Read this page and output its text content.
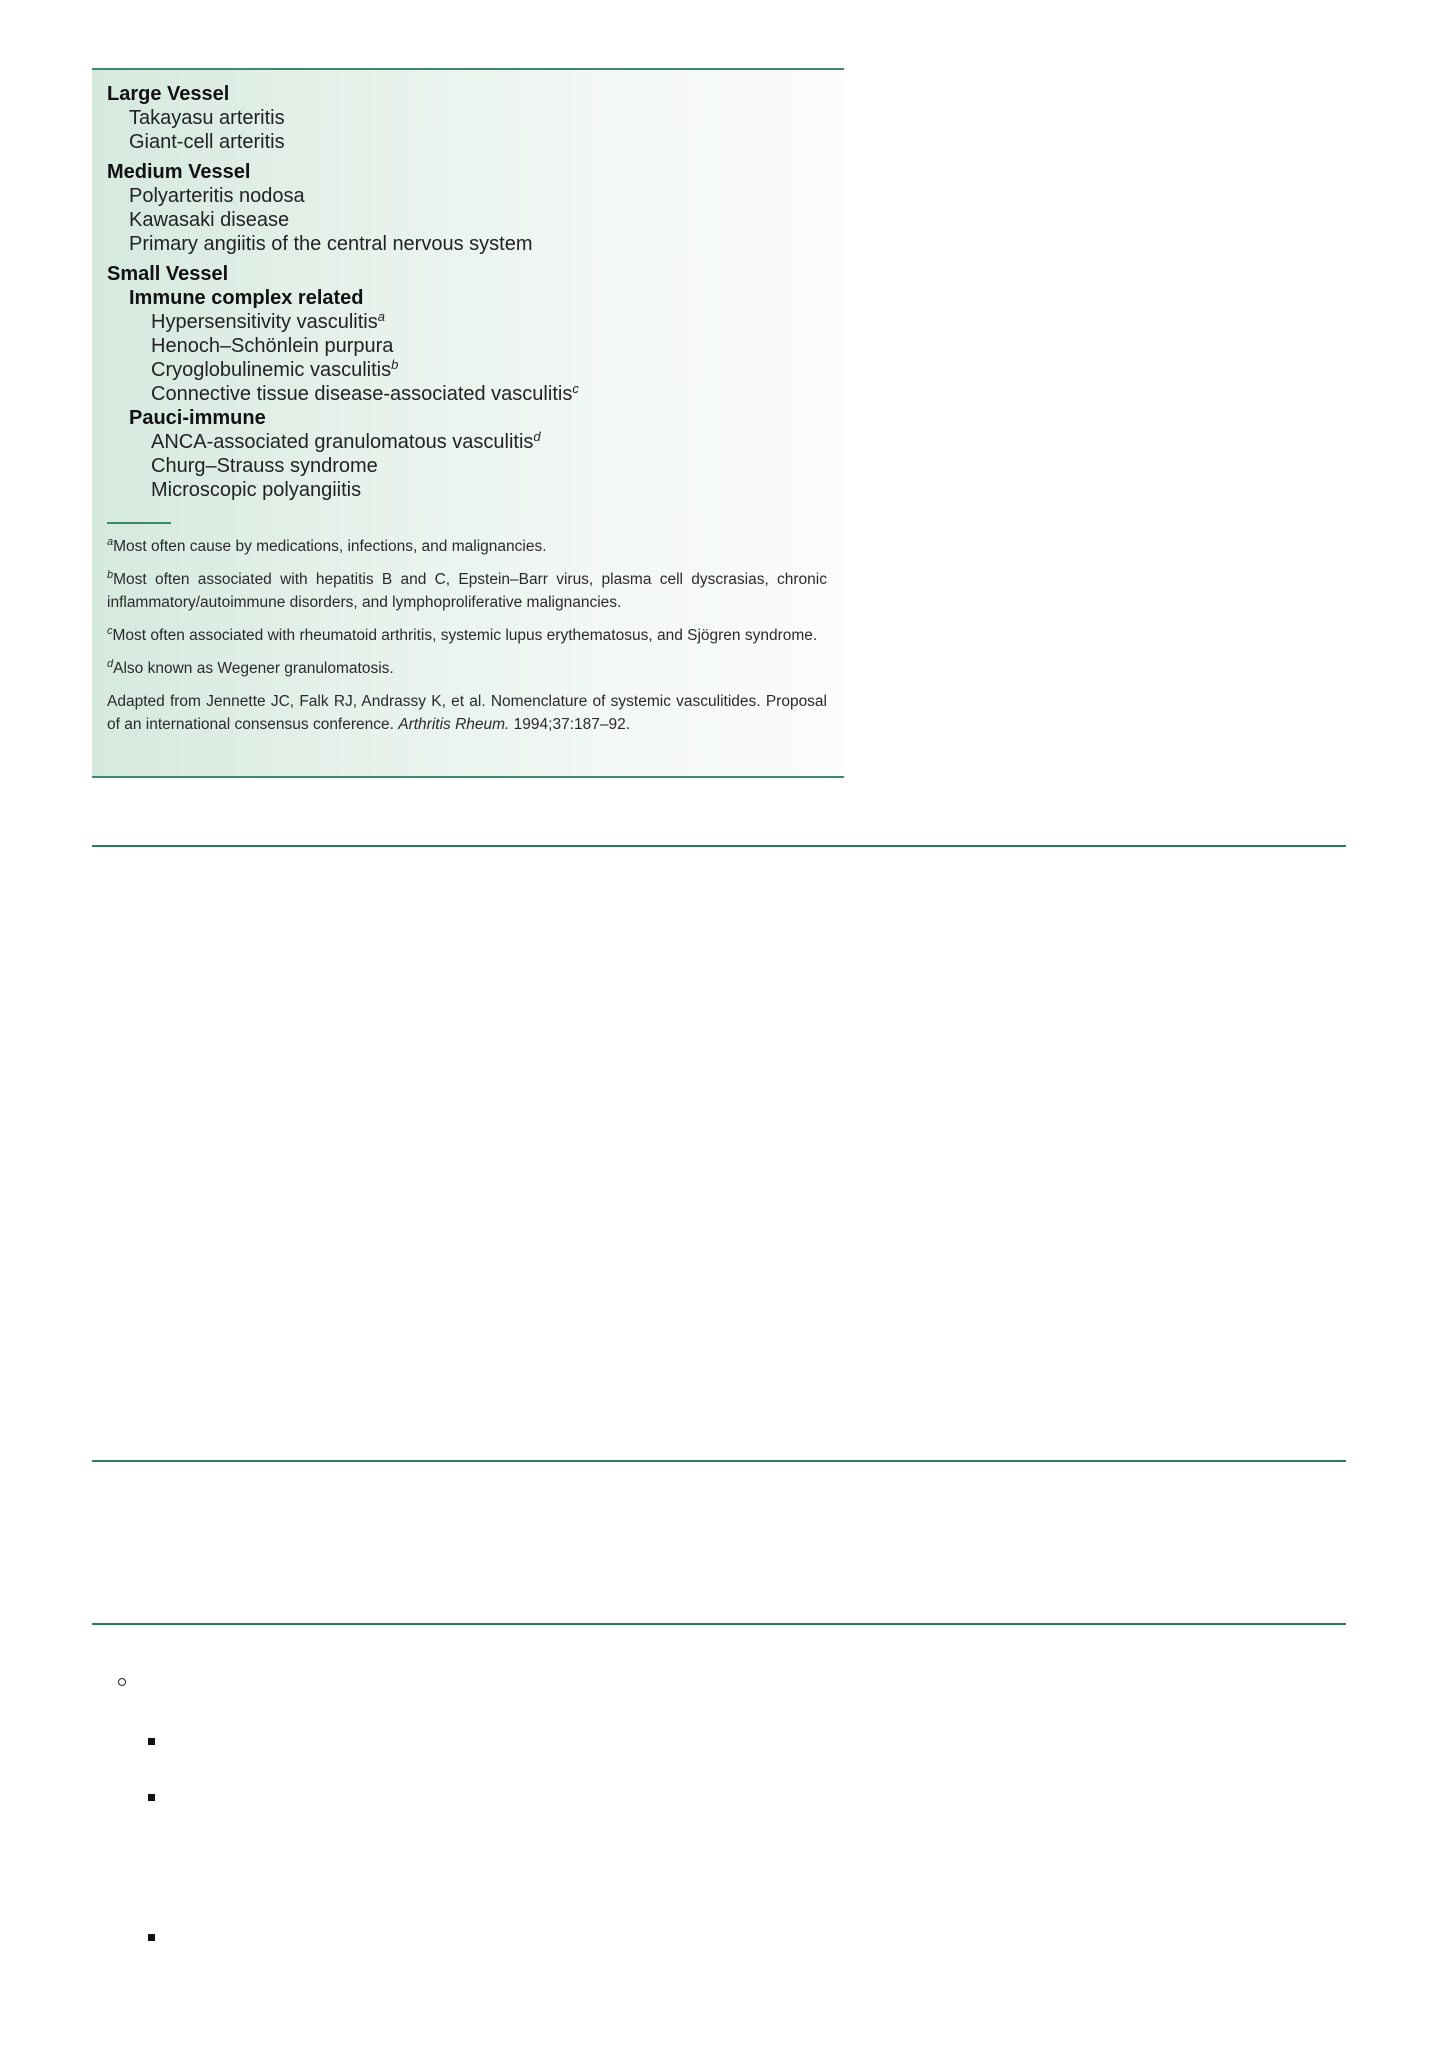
Large Vessel
Takayasu arteritis
Giant-cell arteritis
Medium Vessel
Polyarteritis nodosa
Kawasaki disease
Primary angiitis of the central nervous system
Small Vessel
Immune complex related
Hypersensitivity vasculitis$^a$
Henoch–Schönlein purpura
Cryoglobulinemic vasculitis$^b$
Connective tissue disease-associated vasculitis$^c$
Pauci-immune
ANCA-associated granulomatous vasculitis$^d$
Churg–Strauss syndrome
Microscopic polyangiitis
$^a$Most often cause by medications, infections, and malignancies.
$^b$Most often associated with hepatitis B and C, Epstein–Barr virus, plasma cell dyscrasias, chronic inflammatory/autoimmune disorders, and lymphoproliferative malignancies.
$^c$Most often associated with rheumatoid arthritis, systemic lupus erythematosus, and Sjögren syndrome.
$^d$Also known as Wegener granulomatosis.
Adapted from Jennette JC, Falk RJ, Andrassy K, et al. Nomenclature of systemic vasculitides. Proposal of an international consensus conference. Arthritis Rheum. 1994;37:187–92.
